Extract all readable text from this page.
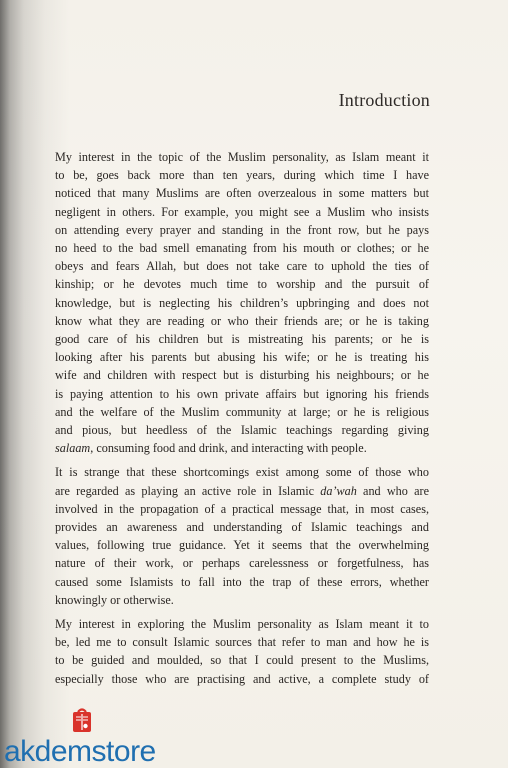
Introduction

My interest in the topic of the Muslim personality, as Islam meant it
to be, goes back more than ten years, during which time I have
noticed that many Muslims are often overzealous in some matters but
negligent in others. For example, you might see a Muslim who insists
on attending every prayer and standing in the front row, but he pays
no heed to the bad smell emanating from his mouth or clothes; or he
obeys and fears Allah, but does not take care to uphold the ties of
kinship; or he devotes much time to worship and the pursuit of
knowledge, but is neglecting his children’s upbringing and does not
know what they are reading or who their friends are; or he is taking
good care of his children but is mistreating his parents; or he is
looking after his parents but abusing his wife; or he is treating his
wife and children with respect but is disturbing his neighbours; or he
is paying attention to his own private affairs but ignoring his friends
and the welfare of the Muslim community at large; or he is religious
and pious, but heedless of the Islamic teachings regarding giving
salaam, consuming food and drink, and interacting with people.

It is strange that these shortcomings exist among some of those who
are regarded as playing an active role in Islamic da’wah and who are
involved in the propagation of a practical message that, in most cases,
provides an awareness and understanding of Islamic teachings and
values, following true guidance. Yet it seems that the overwhelming
nature of their work, or perhaps carelessness or forgetfulness, has
caused some Islamists to fall into the trap of these errors, whether
knowingly or otherwise.

My interest in exploring the Muslim personality as Islam meant it to
be, led me to consult Islamic sources that refer to man and how he is
to be guided and moulded, so that I could present to the Muslims,
especially those who are practising and active, a complete study of

akdemstore
